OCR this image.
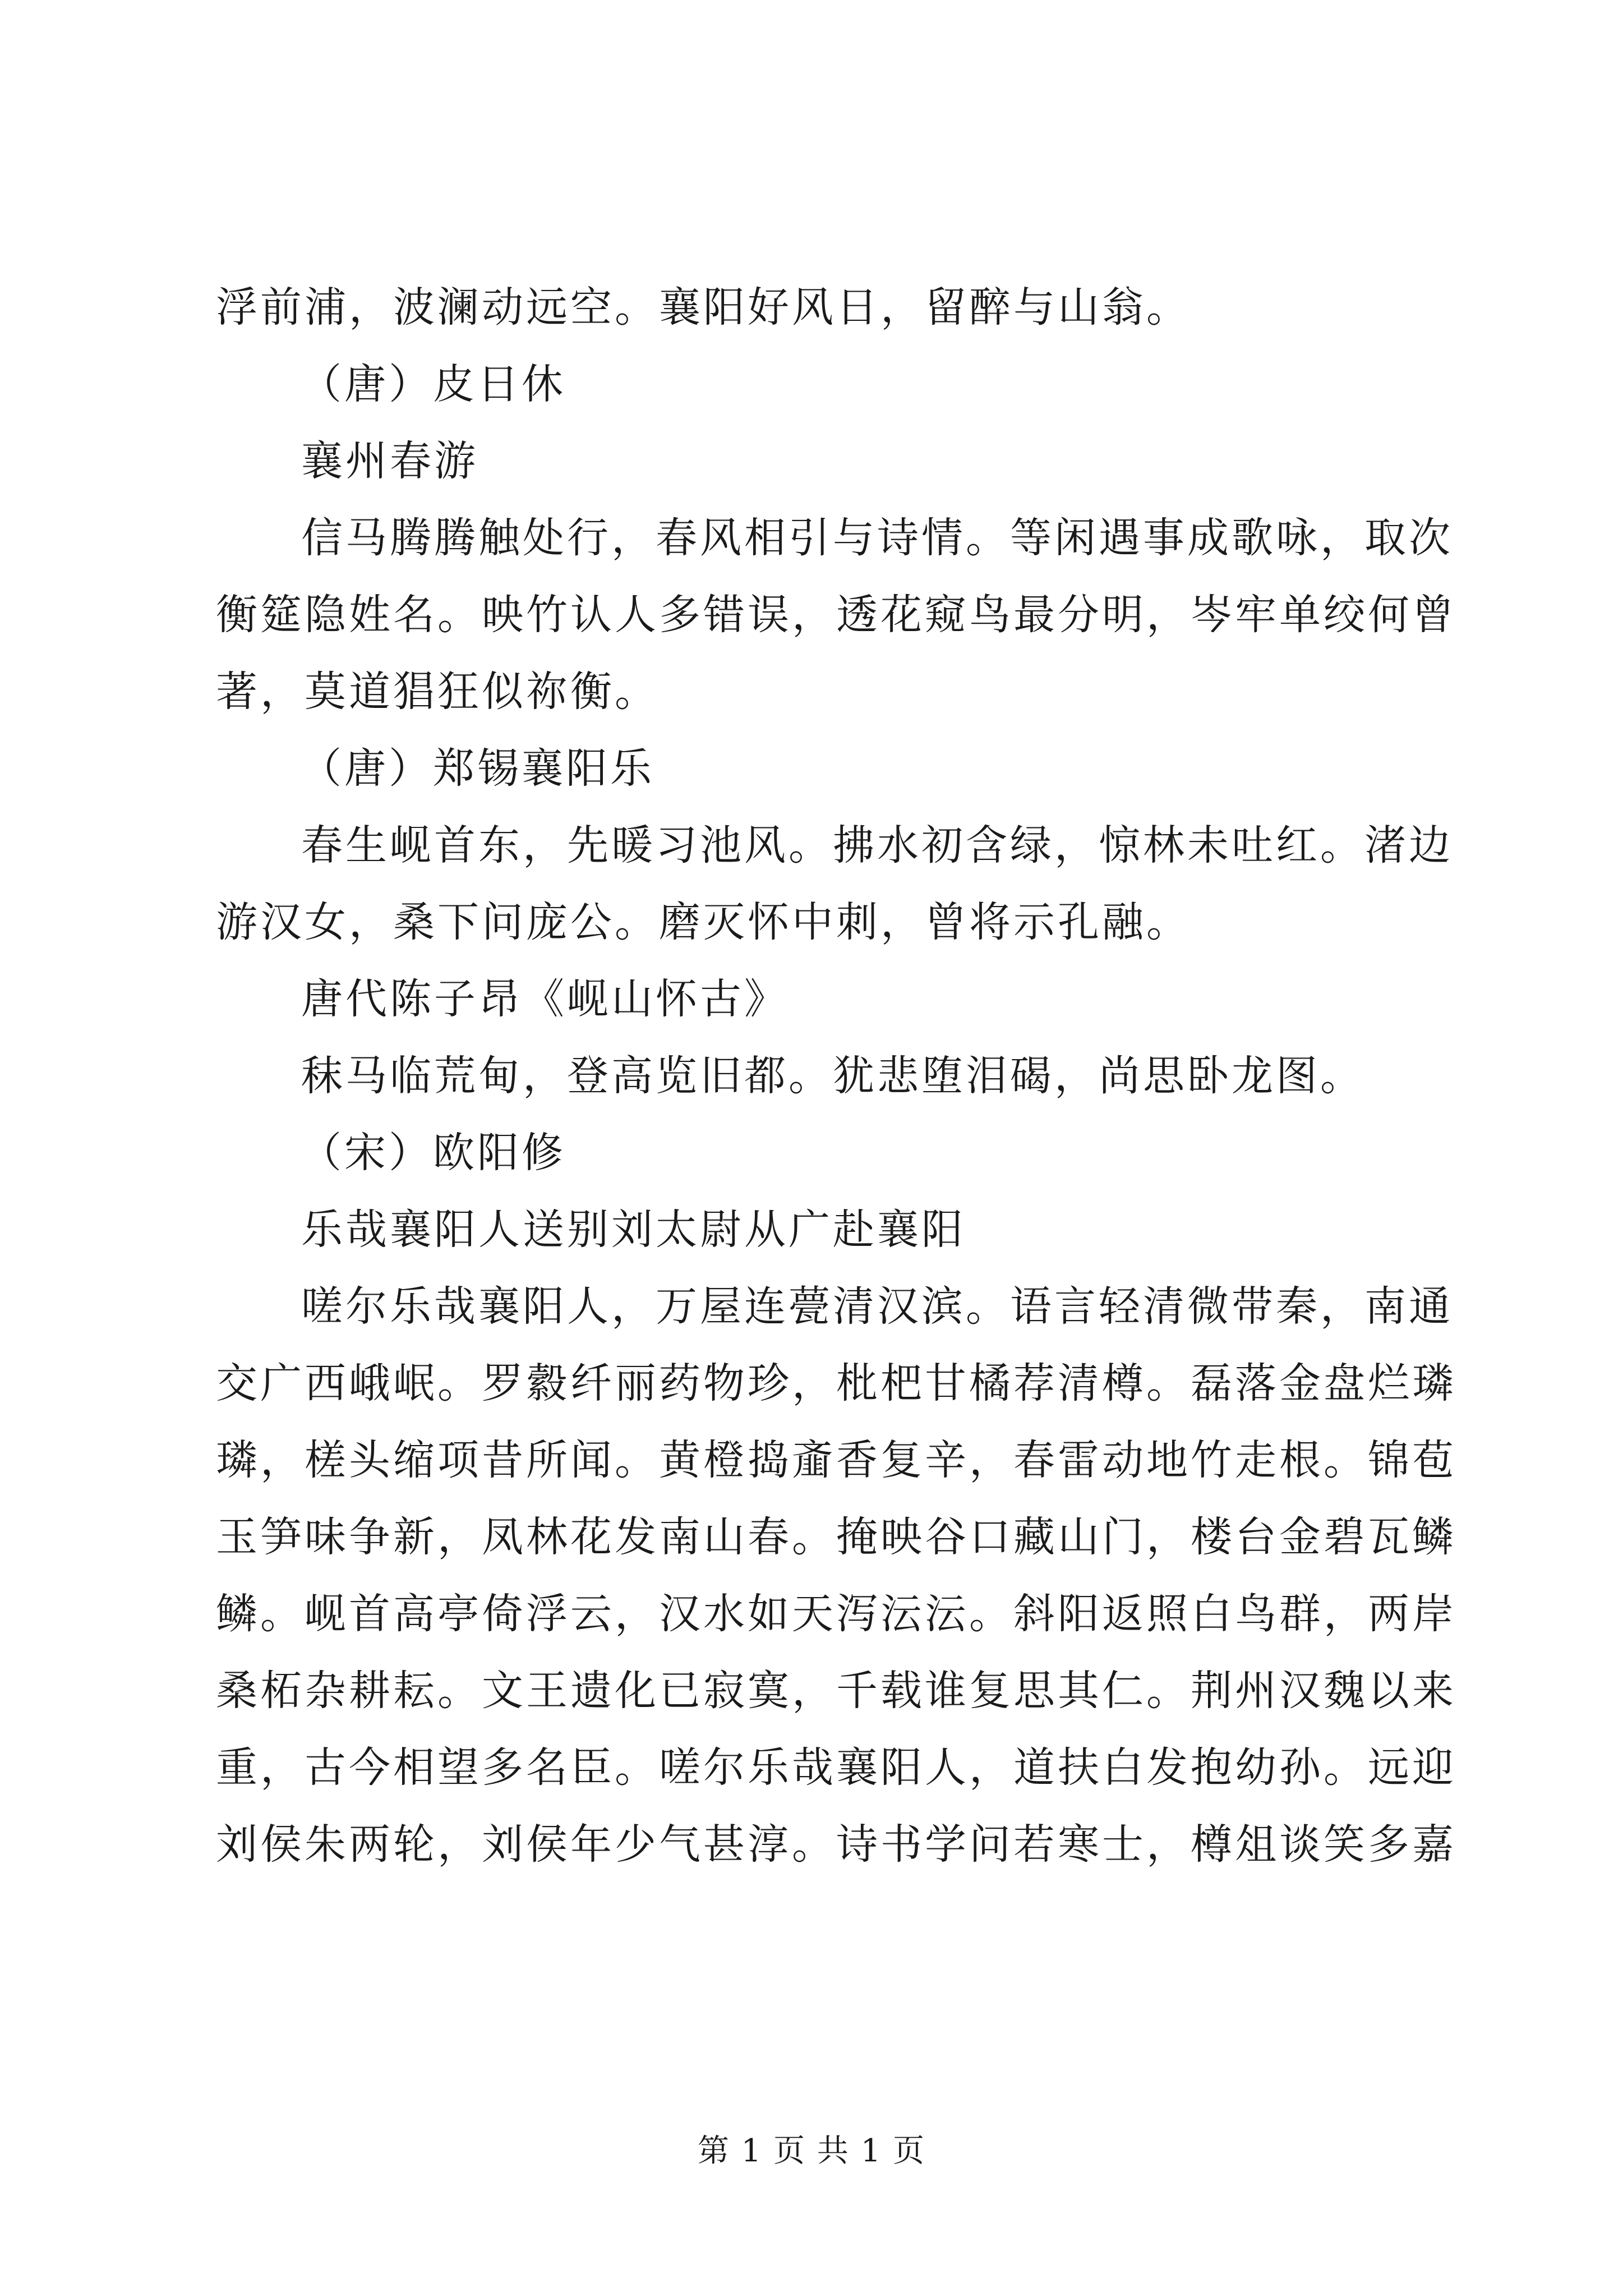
浮前浦，波澜动远空。襄阳好风日，留醉与山翁。
（唐）皮日休
襄州春游
信马腾腾触处行，春风相引与诗情。等闲遇事成歌咏，取次
衡筵隐姓名。映竹认人多错误，透花窥鸟最分明，岑牢单绞何曾
著，莫道猖狂似祢衡。
（唐）郑锡襄阳乐
春生岘首东，先暖习池风。拂水初含绿，惊林未吐红。渚边
游汉女，桑下问庞公。磨灭怀中刺，曾将示孔融。
唐代陈子昂《岘山怀古》
秣马临荒甸，登高览旧都。犹悲堕泪碣，尚思卧龙图。
（宋）欧阳修
乐哉襄阳人送别刘太尉从广赴襄阳
嗟尔乐哉襄阳人，万屋连甍清汉滨。语言轻清微带秦，南通
交广西峨岷。罗縠纤丽药物珍，枇杷甘橘荐清樽。磊落金盘烂璘
璘，槎头缩项昔所闻。黄橙捣齑香复辛，春雷动地竹走根。锦苞
玉笋味争新，凤林花发南山春。掩映谷口藏山门，楼台金碧瓦鳞
鳞。岘首高亭倚浮云，汉水如天泻沄沄。斜阳返照白鸟群，两岸
桑柘杂耕耘。文王遗化已寂寞，千载谁复思其仁。荆州汉魏以来
重，古今相望多名臣。嗟尔乐哉襄阳人，道扶白发抱幼孙。远迎
刘侯朱两轮，刘侯年少气甚淳。诗书学问若寒士，樽俎谈笑多嘉
第 1 页 共 1 页
